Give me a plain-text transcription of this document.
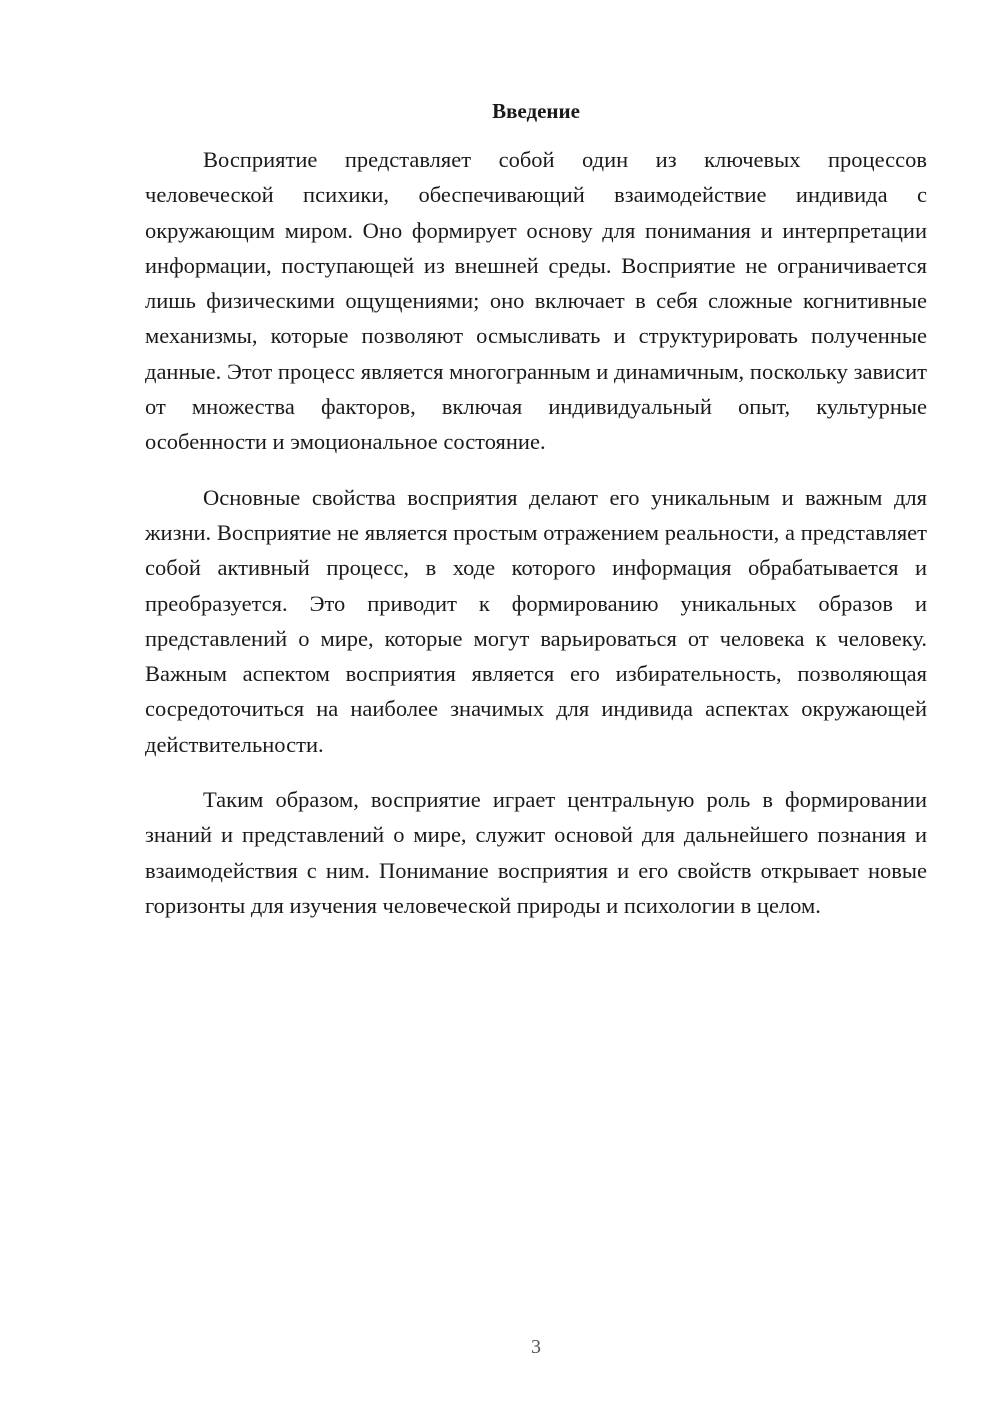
Введение

Восприятие представляет собой один из ключевых процессов человеческой психики, обеспечивающий взаимодействие индивида с окружающим миром. Оно формирует основу для понимания и интерпретации информации, поступающей из внешней среды. Восприятие не ограничивается лишь физическими ощущениями; оно включает в себя сложные когнитивные механизмы, которые позволяют осмысливать и структурировать полученные данные. Этот процесс является многогранным и динамичным, поскольку зависит от множества факторов, включая индивидуальный опыт, культурные особенности и эмоциональное состояние.

Основные свойства восприятия делают его уникальным и важным для жизни. Восприятие не является простым отражением реальности, а представляет собой активный процесс, в ходе которого информация обрабатывается и преобразуется. Это приводит к формированию уникальных образов и представлений о мире, которые могут варьироваться от человека к человеку. Важным аспектом восприятия является его избирательность, позволяющая сосредоточиться на наиболее значимых для индивида аспектах окружающей действительности.

Таким образом, восприятие играет центральную роль в формировании знаний и представлений о мире, служит основой для дальнейшего познания и взаимодействия с ним. Понимание восприятия и его свойств открывает новые горизонты для изучения человеческой природы и психологии в целом.

3
